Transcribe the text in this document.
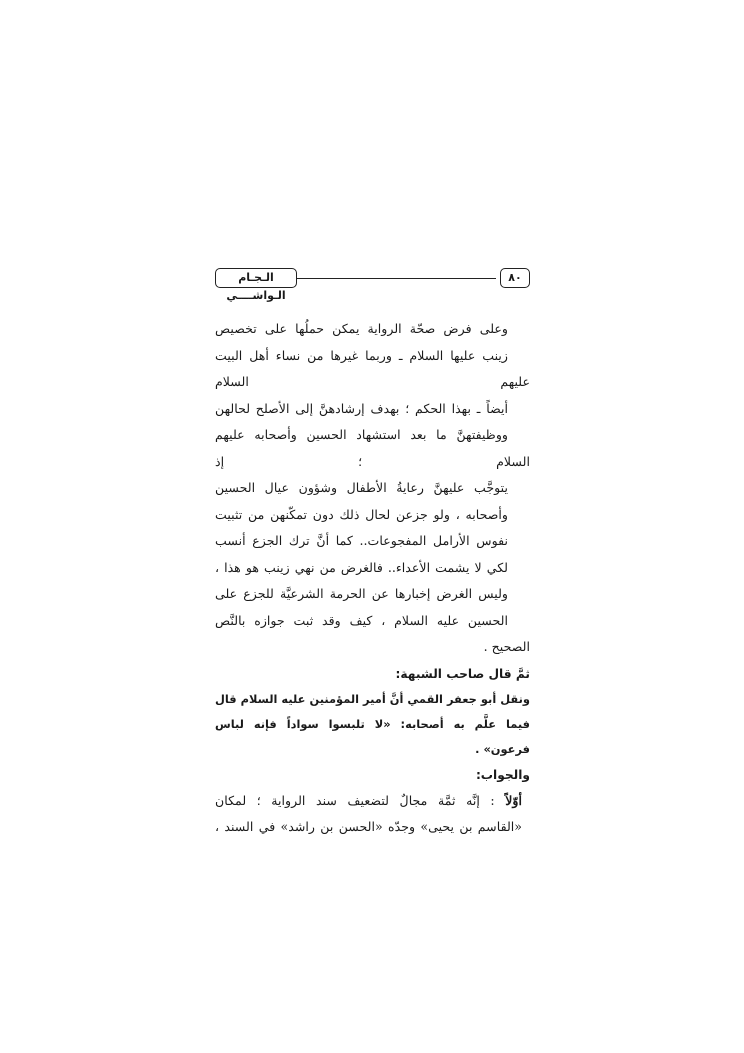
٨٠
الـجـام الـواشــــي

وعلى فرض صحّة الرواية يمكن حملُها على تخصيص
زينب عليها السلام ـ وربما غيرها من نساء أهل البيت عليهم السلام
أيضاً ـ بهذا الحكم ؛ بهدف إرشادهنَّ إلى الأصلح لحالهن
ووظيفتهنَّ ما بعد استشهاد الحسين وأصحابه عليهم السلام ؛ إذ
يتوجَّب عليهنَّ رعايةُ الأطفال وشؤون عيال الحسين
وأصحابه ، ولو جزعن لحال ذلك دون تمكّنهن من تثبيت
نفوس الأرامل المفجوعات.. كما أنَّ ترك الجزع أنسب
لكي لا يشمت الأعداء.. فالغرض من نهي زينب هو هذا ،
وليس الغرض إخبارها عن الحرمة الشرعيَّة للجزع على
الحسين عليه السلام ، كيف وقد ثبت جوازه بالنَّص الصحيح .

ثمَّ قال صاحب الشبهة:

ونقل أبو جعفر القمي أنَّ أمير المؤمنين عليه السلام قال
فيما علَّم به أصحابه: «لا تلبسوا سواداً فإنه لباس فرعون» .

والجواب:

أوّلاً : إنَّه ثمَّة مجالٌ لتضعيف سند الرواية ؛ لمكان
«القاسم بن يحيى» وجدّه «الحسن بن راشد» في السند ،
